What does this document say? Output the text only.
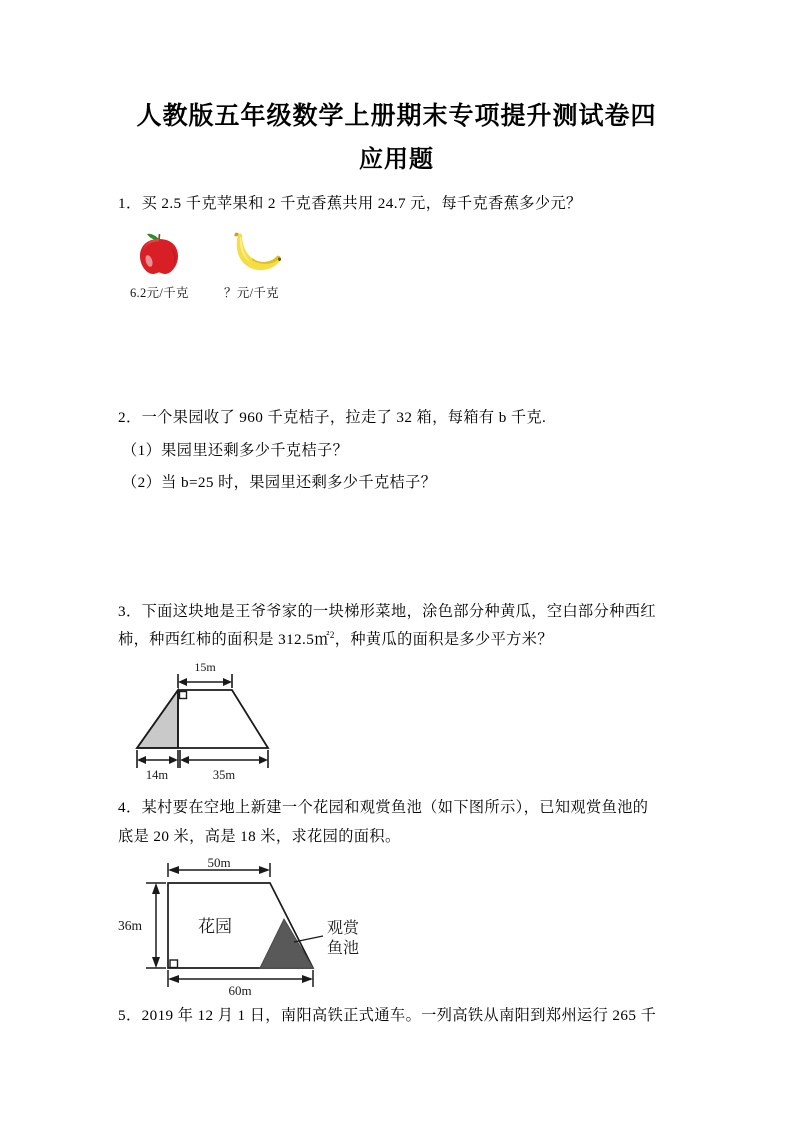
人教版五年级数学上册期末专项提升测试卷四
应用题
1．买 2.5 千克苹果和 2 千克香蕉共用 24.7 元，每千克香蕉多少元？
6.2元/千克	？元/千克
2．一个果园收了 960 千克桔子，拉走了 32 箱，每箱有 b 千克.
（1）果园里还剩多少千克桔子？
（2）当 b=25 时，果园里还剩多少千克桔子？
3．下面这块地是王爷爷家的一块梯形菜地，涂色部分种黄瓜，空白部分种西红
柿，种西红柿的面积是 312.5㎡$^2$，种黄瓜的面积是多少平方米？
15m
14m	35m
4．某村要在空地上新建一个花园和观赏鱼池（如下图所示），已知观赏鱼池的
底是 20 米，高是 18 米，求花园的面积。
50m
花园	观赏
鱼池
36m
60m
5．2019 年 12 月 1 日，南阳高铁正式通车。一列高铁从南阳到郑州运行 265 千
